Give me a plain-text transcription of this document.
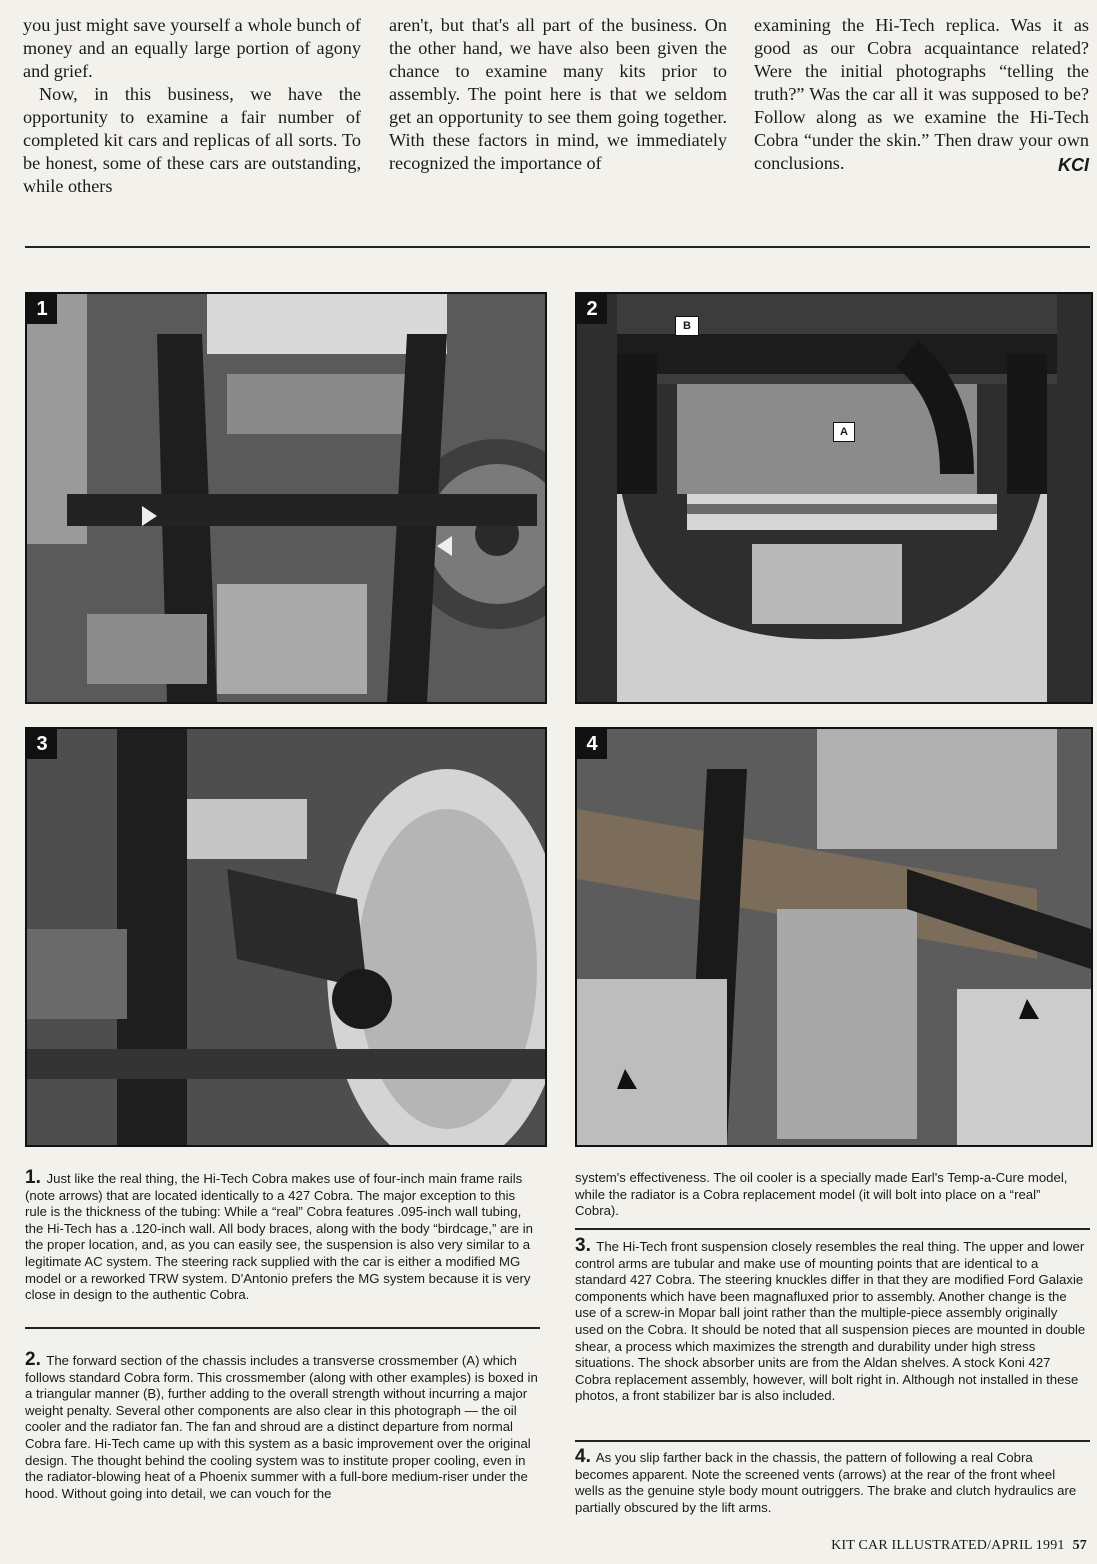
you just might save yourself a whole bunch of money and an equally large portion of agony and grief.

Now, in this business, we have the opportunity to examine a fair number of completed kit cars and replicas of all sorts. To be honest, some of these cars are outstanding, while others

aren't, but that's all part of the business. On the other hand, we have also been given the chance to examine many kits prior to assembly. The point here is that we seldom get an opportunity to see them going together. With these factors in mind, we immediately recognized the importance of

examining the Hi-Tech replica. Was it as good as our Cobra acquaintance related? Were the initial photographs “telling the truth?” Was the car all it was supposed to be? Follow along as we examine the Hi-Tech Cobra “under the skin.” Then draw your own conclusions.	KCI

1	2
B
A
3	4

1. Just like the real thing, the Hi-Tech Cobra makes use of four-inch main frame rails (note arrows) that are located identically to a 427 Cobra. The major exception to this rule is the thickness of the tubing: While a “real” Cobra features .095-inch wall tubing, the Hi-Tech has a .120-inch wall. All body braces, along with the body “birdcage,” are in the proper location, and, as you can easily see, the suspension is also very similar to a legitimate AC system. The steering rack supplied with the car is either a modified MG model or a reworked TRW system. D'Antonio prefers the MG system because it is very close in design to the authentic Cobra.

2. The forward section of the chassis includes a transverse crossmember (A) which follows standard Cobra form. This crossmember (along with other examples) is boxed in a triangular manner (B), further adding to the overall strength without incurring a major weight penalty. Several other components are also clear in this photograph — the oil cooler and the radiator fan. The fan and shroud are a distinct departure from normal Cobra fare. Hi-Tech came up with this system as a basic improvement over the original design. The thought behind the cooling system was to institute proper cooling, even in the radiator-blowing heat of a Phoenix summer with a full-bore medium-riser under the hood. Without going into detail, we can vouch for the

system's effectiveness. The oil cooler is a specially made Earl's Temp-a-Cure model, while the radiator is a Cobra replacement model (it will bolt into place on a “real” Cobra).

3. The Hi-Tech front suspension closely resembles the real thing. The upper and lower control arms are tubular and make use of mounting points that are identical to a standard 427 Cobra. The steering knuckles differ in that they are modified Ford Galaxie components which have been magnafluxed prior to assembly. Another change is the use of a screw-in Mopar ball joint rather than the multiple-piece assembly originally used on the Cobra. It should be noted that all suspension pieces are mounted in double shear, a process which maximizes the strength and durability under high stress situations. The shock absorber units are from the Aldan shelves. A stock Koni 427 Cobra replacement assembly, however, will bolt right in. Although not installed in these photos, a front stabilizer bar is also included.

4. As you slip farther back in the chassis, the pattern of following a real Cobra becomes apparent. Note the screened vents (arrows) at the rear of the front wheel wells as the genuine style body mount outriggers. The brake and clutch hydraulics are partially obscured by the lift arms.

KIT CAR ILLUSTRATED/APRIL 1991 57
